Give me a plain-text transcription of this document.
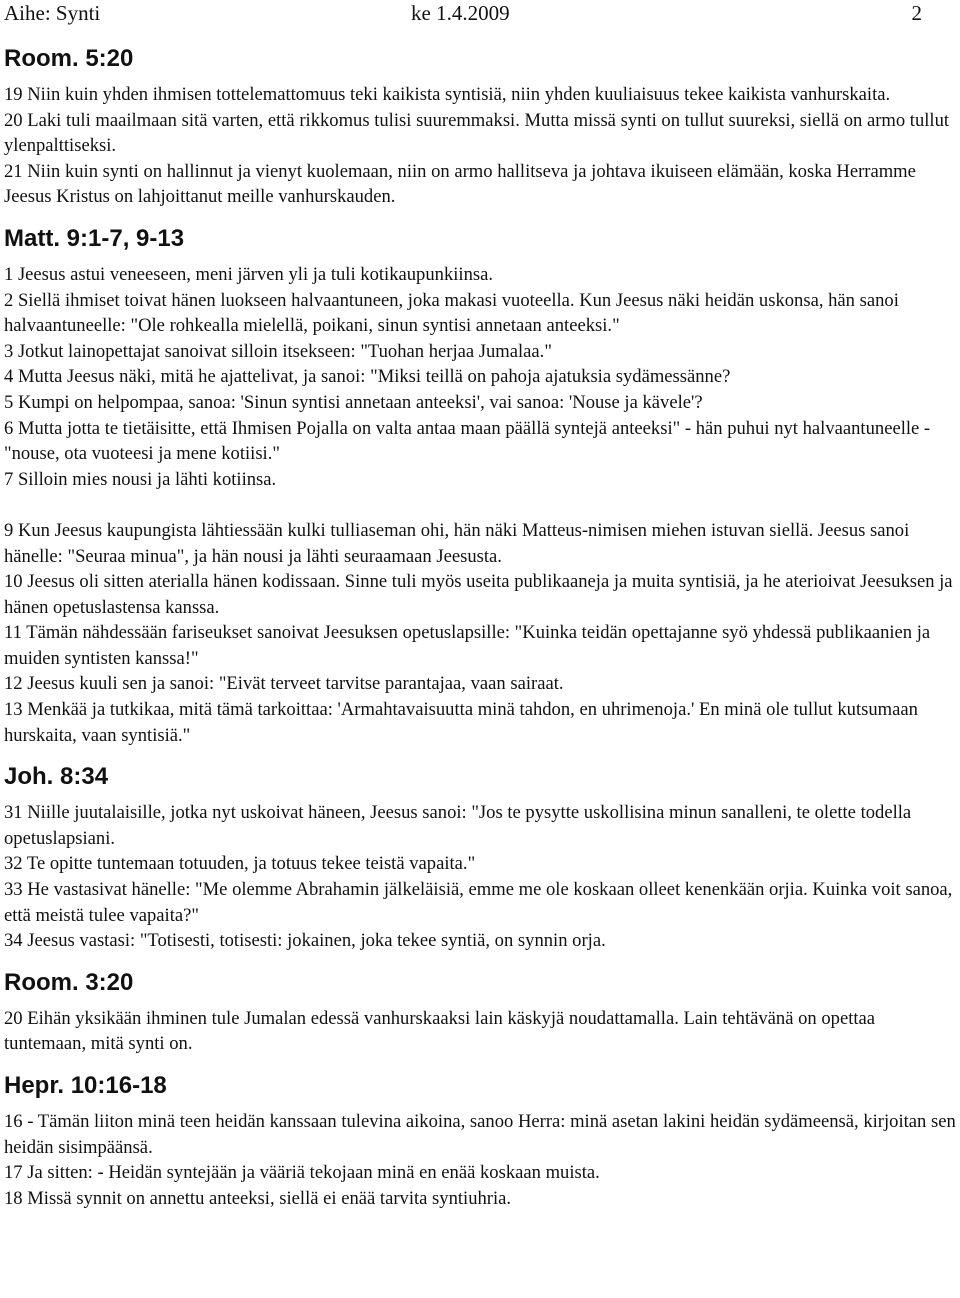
Aihe: Synti	ke 1.4.2009	2
Room. 5:20

19 Niin kuin yhden ihmisen tottelemattomuus teki kaikista syntisiä, niin yhden kuuliaisuus tekee kaikista vanhurskaita.

20 Laki tuli maailmaan sitä varten, että rikkomus tulisi suuremmaksi. Mutta missä synti on tullut suureksi, siellä on armo tullut ylenpalttiseksi.

21 Niin kuin synti on hallinnut ja vienyt kuolemaan, niin on armo hallitseva ja johtava ikuiseen elämään, koska Herramme Jeesus Kristus on lahjoittanut meille vanhurskauden.

Matt. 9:1-7, 9-13

1 Jeesus astui veneeseen, meni järven yli ja tuli kotikaupunkiinsa.

2 Siellä ihmiset toivat hänen luokseen halvaantuneen, joka makasi vuoteella. Kun Jeesus näki heidän uskonsa, hän sanoi halvaantuneelle: "Ole rohkealla mielellä, poikani, sinun syntisi annetaan anteeksi."

3 Jotkut lainopettajat sanoivat silloin itsekseen: "Tuohan herjaa Jumalaa."

4 Mutta Jeesus näki, mitä he ajattelivat, ja sanoi: "Miksi teillä on pahoja ajatuksia sydämessänne?

5 Kumpi on helpompaa, sanoa: 'Sinun syntisi annetaan anteeksi', vai sanoa: 'Nouse ja kävele'?

6 Mutta jotta te tietäisitte, että Ihmisen Pojalla on valta antaa maan päällä syntejä anteeksi" - hän puhui nyt halvaantuneelle - "nouse, ota vuoteesi ja mene kotiisi."

7 Silloin mies nousi ja lähti kotiinsa.

9 Kun Jeesus kaupungista lähtiessään kulki tulliaseman ohi, hän näki Matteus-nimisen miehen istuvan siellä. Jeesus sanoi hänelle: "Seuraa minua", ja hän nousi ja lähti seuraamaan Jeesusta.

10 Jeesus oli sitten aterialla hänen kodissaan. Sinne tuli myös useita publikaaneja ja muita syntisiä, ja he aterioivat Jeesuksen ja hänen opetuslastensa kanssa.

11 Tämän nähdessään fariseukset sanoivat Jeesuksen opetuslapsille: "Kuinka teidän opettajanne syö yhdessä publikaanien ja muiden syntisten kanssa!"

12 Jeesus kuuli sen ja sanoi: "Eivät terveet tarvitse parantajaa, vaan sairaat.

13 Menkää ja tutkikaa, mitä tämä tarkoittaa: 'Armahtavaisuutta minä tahdon, en uhrimenoja.' En minä ole tullut kutsumaan hurskaita, vaan syntisiä."

Joh. 8:34

31 Niille juutalaisille, jotka nyt uskoivat häneen, Jeesus sanoi: "Jos te pysytte uskollisina minun sanalleni, te olette todella opetuslapsiani.

32 Te opitte tuntemaan totuuden, ja totuus tekee teistä vapaita."

33 He vastasivat hänelle: "Me olemme Abrahamin jälkeläisiä, emme me ole koskaan olleet kenenkään orjia. Kuinka voit sanoa, että meistä tulee vapaita?"

34 Jeesus vastasi: "Totisesti, totisesti: jokainen, joka tekee syntiä, on synnin orja.

Room. 3:20

20 Eihän yksikään ihminen tule Jumalan edessä vanhurskaaksi lain käskyjä noudattamalla. Lain tehtävänä on opettaa tuntemaan, mitä synti on.

Hepr. 10:16-18

16 - Tämän liiton minä teen heidän kanssaan tulevina aikoina, sanoo Herra: minä asetan lakini heidän sydämeensä, kirjoitan sen heidän sisimpäänsä.

17 Ja sitten: - Heidän syntejään ja vääriä tekojaan minä en enää koskaan muista.

18 Missä synnit on annettu anteeksi, siellä ei enää tarvita syntiuhria.
